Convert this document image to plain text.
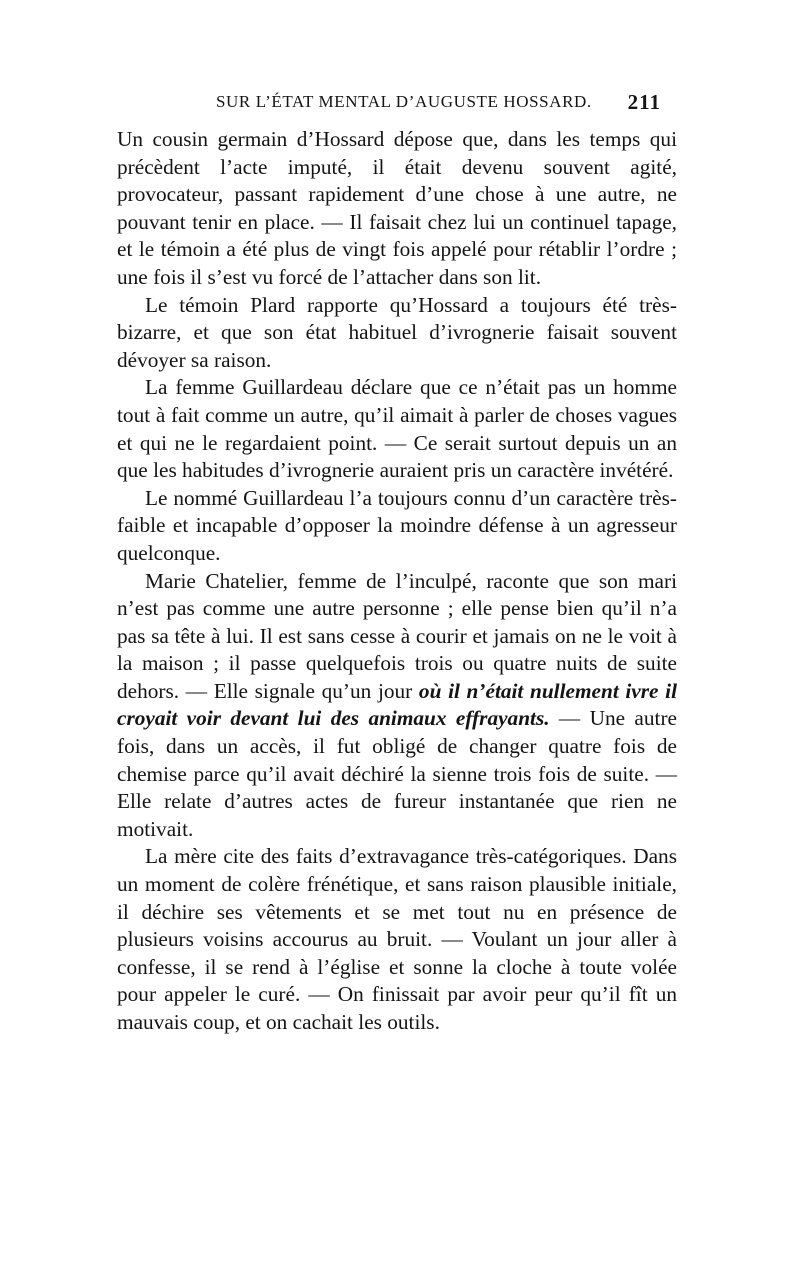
SUR L’ÉTAT MENTAL D’AUGUSTE HOSSARD. 211

Un cousin germain d’Hossard dépose que, dans les temps qui précèdent l’acte imputé, il était devenu souvent agité, provocateur, passant rapidement d’une chose à une autre, ne pouvant tenir en place. — Il faisait chez lui un continuel tapage, et le témoin a été plus de vingt fois appelé pour rétablir l’ordre ; une fois il s’est vu forcé de l’attacher dans son lit.

Le témoin Plard rapporte qu’Hossard a toujours été très-bizarre, et que son état habituel d’ivrognerie faisait souvent dévoyer sa raison.

La femme Guillardeau déclare que ce n’était pas un homme tout à fait comme un autre, qu’il aimait à parler de choses vagues et qui ne le regardaient point. — Ce serait surtout depuis un an que les habitudes d’ivrognerie auraient pris un caractère invétéré.

Le nommé Guillardeau l’a toujours connu d’un caractère très-faible et incapable d’opposer la moindre défense à un agresseur quelconque.

Marie Chatelier, femme de l’inculpé, raconte que son mari n’est pas comme une autre personne ; elle pense bien qu’il n’a pas sa tête à lui. Il est sans cesse à courir et jamais on ne le voit à la maison ; il passe quelquefois trois ou quatre nuits de suite dehors. — Elle signale qu’un jour où il n’était nullement ivre il croyait voir devant lui des animaux effrayants. — Une autre fois, dans un accès, il fut obligé de changer quatre fois de chemise parce qu’il avait déchiré la sienne trois fois de suite. — Elle relate d’autres actes de fureur instantanée que rien ne motivait.

La mère cite des faits d’extravagance très-catégoriques. Dans un moment de colère frénétique, et sans raison plausible initiale, il déchire ses vêtements et se met tout nu en présence de plusieurs voisins accourus au bruit. — Voulant un jour aller à confesse, il se rend à l’église et sonne la cloche à toute volée pour appeler le curé. — On finissait par avoir peur qu’il fît un mauvais coup, et on cachait les outils.
